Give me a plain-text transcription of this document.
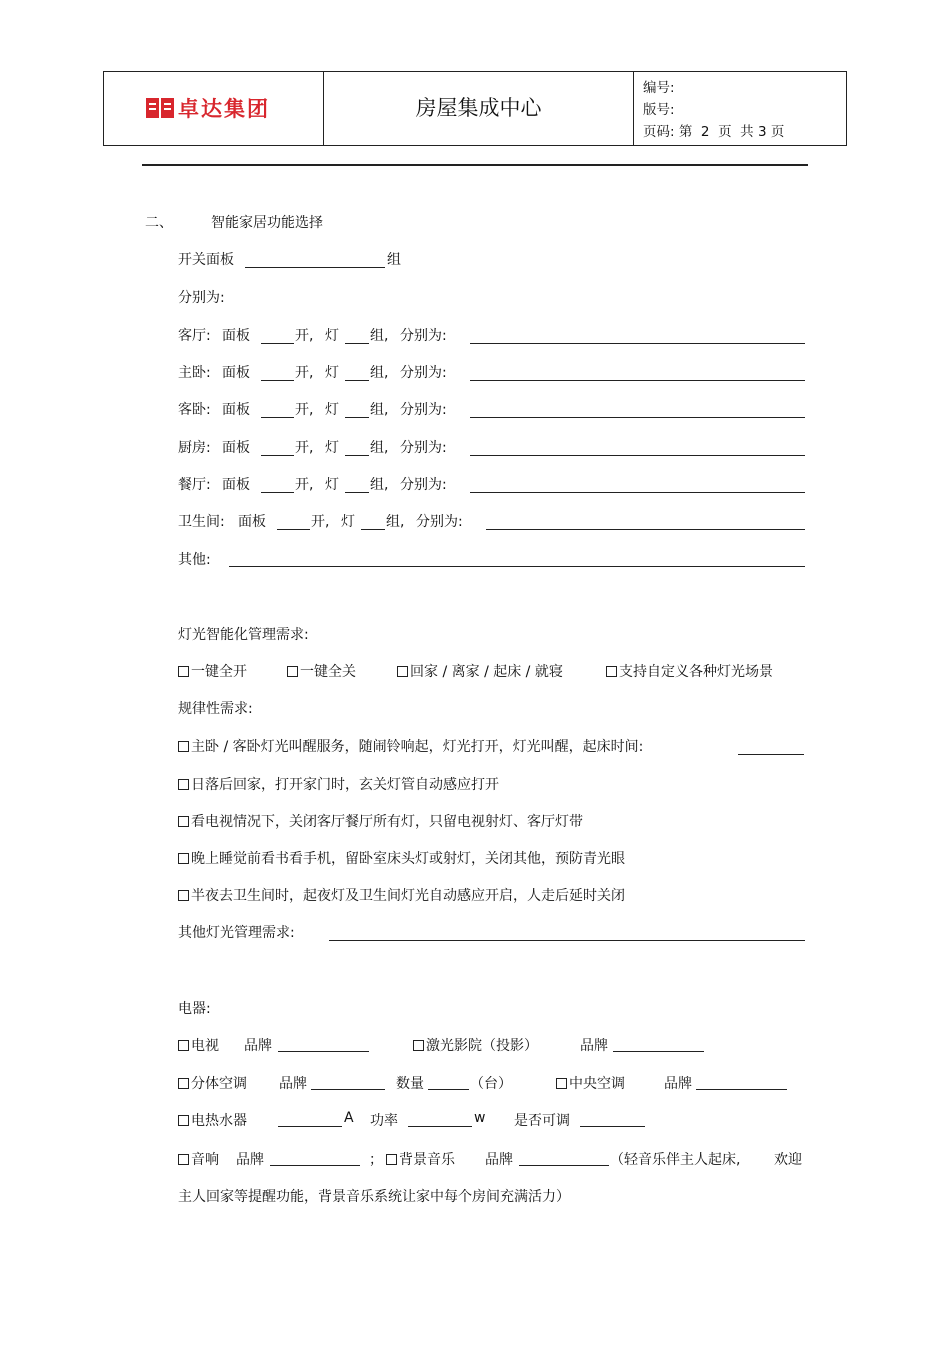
卓达集团	房屋集成中心
编号:
版号:
页码: 第  2  页  共 3 页
二、	智能家居功能选择
开关面板	组
分别为:
客厅: 面板	开, 灯 组, 分别为:
主卧: 面板	开, 灯 组, 分别为:
客卧: 面板	开, 灯 组, 分别为:
厨房: 面板	开, 灯 组, 分别为:
餐厅: 面板	开, 灯 组, 分别为:
卫生间: 面板	开, 灯 组, 分别为:
其他:
灯光智能化管理需求:
一键全开	一键全关	回家 / 离家 / 起床 / 就寝	支持自定义各种灯光场景
规律性需求:
主卧 / 客卧灯光叫醒服务，随闹铃响起，灯光打开，灯光叫醒，起床时间:
日落后回家，打开家门时，玄关灯管自动感应打开
看电视情况下，关闭客厅餐厅所有灯，只留电视射灯、客厅灯带
晚上睡觉前看书看手机，留卧室床头灯或射灯，关闭其他，预防青光眼
半夜去卫生间时，起夜灯及卫生间灯光自动感应开启，人走后延时关闭
其他灯光管理需求:
电器:
电视 品牌	激光影院（投影）	品牌
分体空调 品牌	数量	（台）	中央空调	品牌
电热水器	A 功率	w 是否可调
音响 品牌	；	背景音乐 品牌	（轻音乐伴主人起床, 欢迎
主人回家等提醒功能，背景音乐系统让家中每个房间充满活力）
